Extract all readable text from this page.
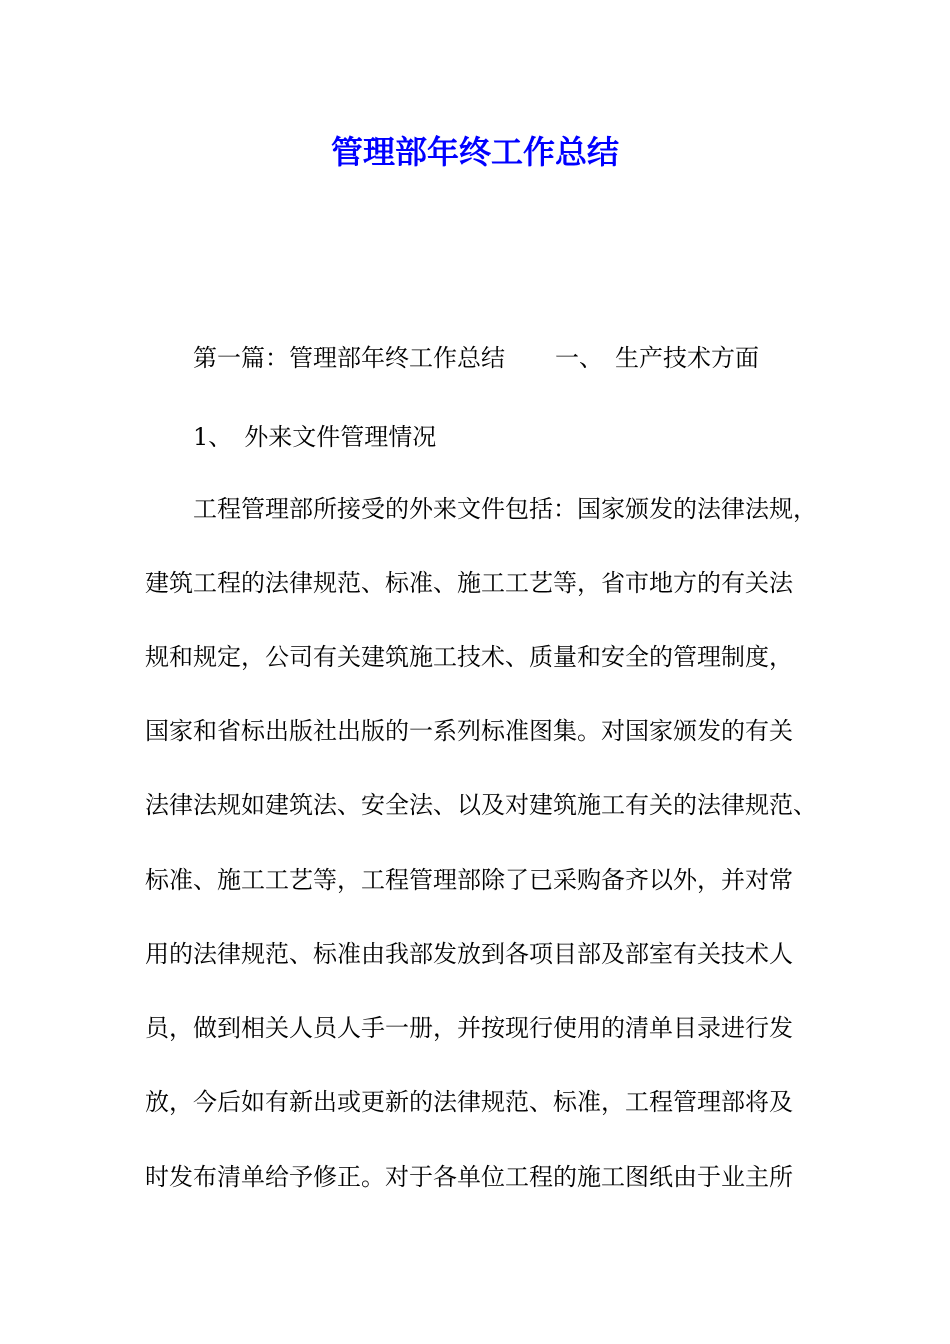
管理部年终工作总结

第一篇：管理部年终工作总结 一、 生产技术方面

1、 外来文件管理情况

工程管理部所接受的外来文件包括：国家颁发的法律法规，

建筑工程的法律规范、标准、施工工艺等，省市地方的有关法

规和规定，公司有关建筑施工技术、质量和安全的管理制度，

国家和省标出版社出版的一系列标准图集。对国家颁发的有关

法律法规如建筑法、安全法、以及对建筑施工有关的法律规范、

标准、施工工艺等，工程管理部除了已采购备齐以外，并对常

用的法律规范、标准由我部发放到各项目部及部室有关技术人

员，做到相关人员人手一册，并按现行使用的清单目录进行发

放，今后如有新出或更新的法律规范、标准，工程管理部将及

时发布清单给予修正。对于各单位工程的施工图纸由于业主所
